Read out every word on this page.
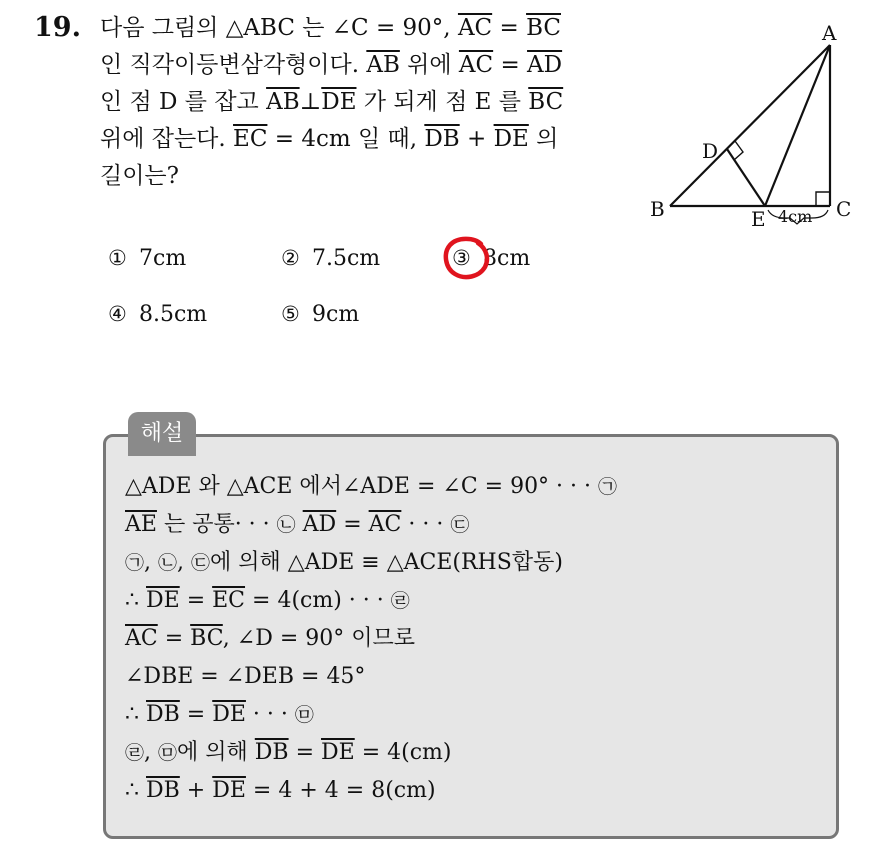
19. 다음 그림의 △ABC 는 ∠C = 90°, $\overline{AC} = \overline{BC}$
인 직각이등변삼각형이다. $\overline{AB}$ 위에 $\overline{AC} = \overline{AD}$
인 점 D 를 잡고 $\overline{AB}\perp\overline{DE}$ 가 되게 점 E 를 $\overline{BC}$
위에 잡는다. $\overline{EC} = 4cm$ 일 때, $\overline{DB} + \overline{DE}$ 의
길이는?
A
B	C
D
E 4cm
① 7cm	② 7.5cm	③ 8cm
④ 8.5cm	⑤ 9cm
해설
△ADE 와 △ACE 에서∠ADE = ∠C = 90° · · · ㉠
$\overline{AE}$ 는 공통· · · ㉡ $\overline{AD} = \overline{AC}$ · · · ㉢
㉠, ㉡, ㉢에 의해 △ADE ≡ △ACE(RHS합동)
∴ $\overline{DE} = \overline{EC} = 4(cm)$ · · · ㉣
$\overline{AC} = \overline{BC}$, ∠D = 90° 이므로
∠DBE = ∠DEB = 45°
∴ $\overline{DB} = \overline{DE}$ · · · ㉤
㉣, ㉤에 의해 $\overline{DB} = \overline{DE} = 4(cm)$
∴ $\overline{DB} + \overline{DE} = 4 + 4 = 8(cm)$
